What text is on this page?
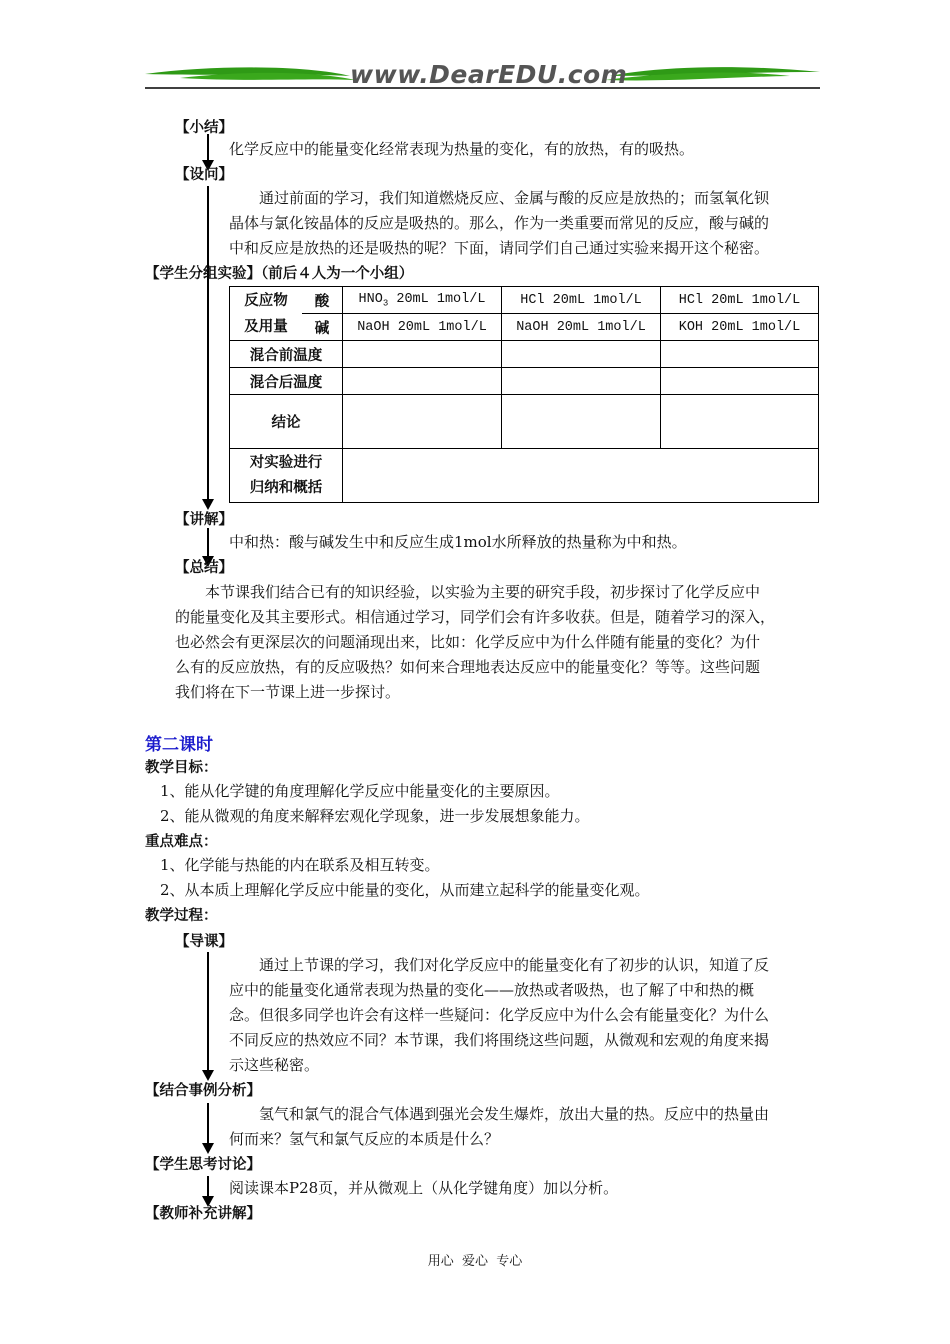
www.DearEDU.com
【小结】
化学反应中的能量变化经常表现为热量的变化，有的放热，有的吸热。
【设问】
通过前面的学习，我们知道燃烧反应、金属与酸的反应是放热的；而氢氧化钡
晶体与氯化铵晶体的反应是吸热的。那么，作为一类重要而常见的反应，酸与碱的
中和反应是放热的还是吸热的呢？下面，请同学们自己通过实验来揭开这个秘密。
【学生分组实验】（前后４人为一个小组）
反应物
及用量	酸	$HNO_3$ 20mL 1mol/L	HCl 20mL 1mol/L	HCl 20mL 1mol/L
	碱	NaOH 20mL 1mol/L	NaOH 20mL 1mol/L	KOH 20mL 1mol/L
混合前温度				
混合后温度				
结论				

对实验进行
归纳和概括				

【讲解】
中和热：酸与碱发生中和反应生成1mol水所释放的热量称为中和热。
【总结】
本节课我们结合已有的知识经验，以实验为主要的研究手段，初步探讨了化学反应中
的能量变化及其主要形式。相信通过学习，同学们会有许多收获。但是，随着学习的深入，
也必然会有更深层次的问题涌现出来，比如：化学反应中为什么伴随有能量的变化？为什
么有的反应放热，有的反应吸热？如何来合理地表达反应中的能量变化？等等。这些问题
我们将在下一节课上进一步探讨。
第二课时
教学目标：
1、能从化学键的角度理解化学反应中能量变化的主要原因。
2、能从微观的角度来解释宏观化学现象，进一步发展想象能力。
重点难点：
1、化学能与热能的内在联系及相互转变。
2、从本质上理解化学反应中能量的变化，从而建立起科学的能量变化观。
教学过程：
【导课】
通过上节课的学习，我们对化学反应中的能量变化有了初步的认识，知道了反
应中的能量变化通常表现为热量的变化——放热或者吸热，也了解了中和热的概
念。但很多同学也许会有这样一些疑问：化学反应中为什么会有能量变化？为什么
不同反应的热效应不同？本节课，我们将围绕这些问题，从微观和宏观的角度来揭
示这些秘密。
【结合事例分析】
氢气和氯气的混合气体遇到强光会发生爆炸，放出大量的热。反应中的热量由
何而来？氢气和氯气反应的本质是什么？
【学生思考讨论】
阅读课本P28页，并从微观上（从化学键角度）加以分析。
【教师补充讲解】
用心  爱心  专心
